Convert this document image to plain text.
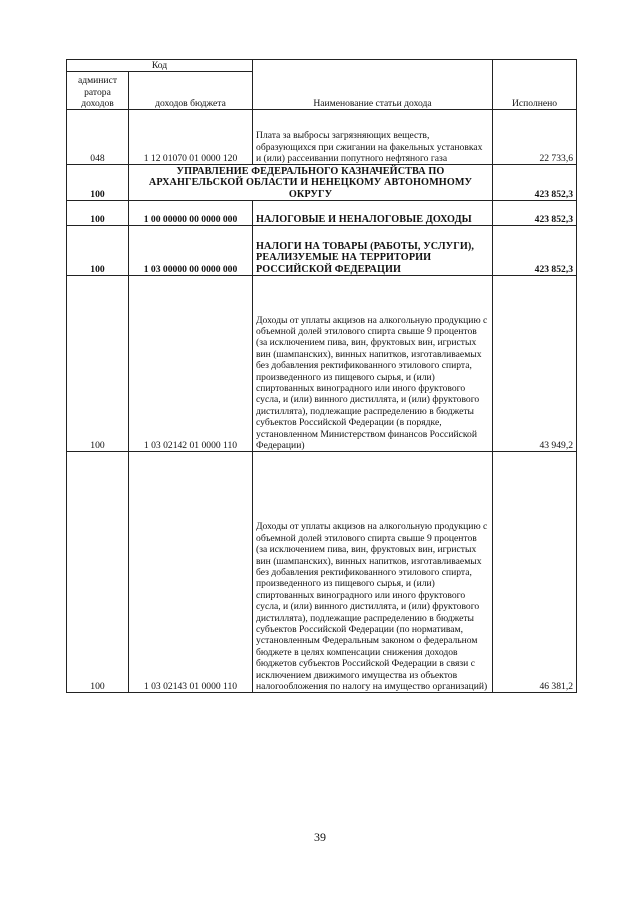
Код		Наименование статьи дохода	Исполнено

админист
ратора
доходов	доходов бюджета		
048	1 12 01070 01 0000 120	Плата за выбросы загрязняющих веществ, образующихся при сжигании на факельных установках и (или) рассеивании попутного нефтяного газа	22 733,6
100	УПРАВЛЕНИЕ ФЕДЕРАЛЬНОГО КАЗНАЧЕЙСТВА ПО АРХАНГЕЛЬСКОЙ ОБЛАСТИ И НЕНЕЦКОМУ АВТОНОМНОМУ ОКРУГУ		423 852,3
100	1 00 00000 00 0000 000	НАЛОГОВЫЕ И НЕНАЛОГОВЫЕ ДОХОДЫ	423 852,3
100	1 03 00000 00 0000 000	НАЛОГИ НА ТОВАРЫ (РАБОТЫ, УСЛУГИ), РЕАЛИЗУЕМЫЕ НА ТЕРРИТОРИИ РОССИЙСКОЙ ФЕДЕРАЦИИ	423 852,3
100	1 03 02142 01 0000 110	Доходы от уплаты акцизов на алкогольную продукцию с объемной долей этилового спирта свыше 9 процентов (за исключением пива, вин, фруктовых вин, игристых вин (шампанских), винных напитков, изготавливаемых без добавления ректификованного этилового спирта, произведенного из пищевого сырья, и (или) спиртованных виноградного или иного фруктового сусла, и (или) винного дистиллята, и (или) фруктового дистиллята), подлежащие распределению в бюджеты субъектов Российской Федерации (в порядке, установленном Министерством финансов Российской Федерации)	43 949,2
100	1 03 02143 01 0000 110	Доходы от уплаты акцизов на алкогольную продукцию с объемной долей этилового спирта свыше 9 процентов (за исключением пива, вин, фруктовых вин, игристых вин (шампанских), винных напитков, изготавливаемых без добавления ректификованного этилового спирта, произведенного из пищевого сырья, и (или) спиртованных виноградного или иного фруктового сусла, и (или) винного дистиллята, и (или) фруктового дистиллята), подлежащие распределению в бюджеты субъектов Российской Федерации (по нормативам, установленным Федеральным законом о федеральном бюджете в целях компенсации снижения доходов бюджетов субъектов Российской Федерации в связи с исключением движимого имущества из объектов налогообложения по налогу на имущество организаций)	46 381,2
39
